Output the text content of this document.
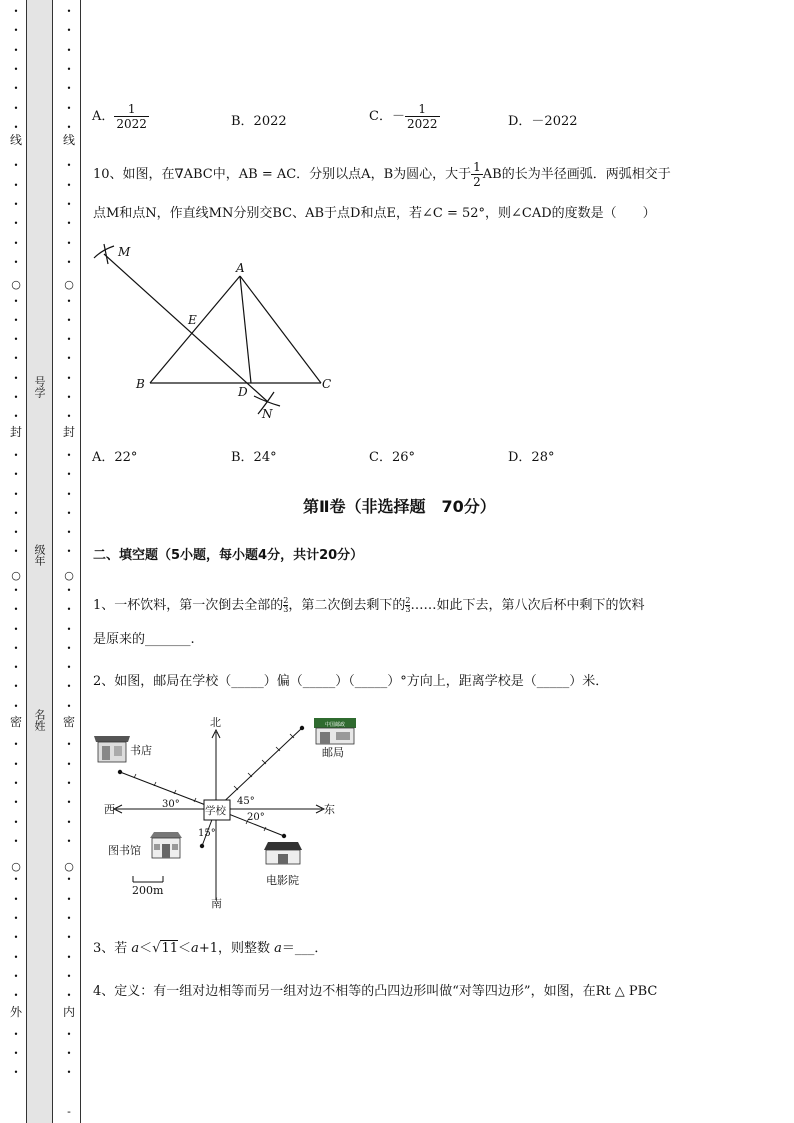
•
•
•
•
•
•
•
线
•
•
•
•
•
•
○
•
•
•
•
•
•
•
封
•
•
•
•
•
•
○
•
•
•
•
•
•
•
密
•
•
•
•
•
•
○
•
•
•
•
•
•
•
外
•
•
•
•
•
•
•
•
•
•
线
•
•
•
•
•
•
○
•
•
•
•
•
•
•
封
•
•
•
•
•
•
○
•
•
•
•
•
•
•
密
•
•
•
•
•
•
○
•
•
•
•
•
•
•
内
•
•
•
-
号学
级年
名姓
A． $\frac{1}{2022}$	B．2022	C．－ $\frac{1}{2022}$	D．－2022
10、如图，在∇ABC中，AB = AC．分别以点A，B为圆心，大于 $\frac{1}{2}$ AB的长为半径画弧．两弧相交于
点M和点N，作直线MN分别交BC、AB于点D和点E，若∠C = 52°，则∠CAD的度数是（　　）
M
A
E
B
D
C
N
A．22°	B．24°	C．26°	D．28°
第Ⅱ卷（非选择题　70分）
二、填空题（5小题，每小题4分，共计20分）
1、一杯饮料，第一次倒去全部的 $\frac{2}{3}$，第二次倒去剩下的 $\frac{2}{3}\dots\dots$如此下去，第八次后杯中剩下的饮料
是原来的_______.
2、如图，邮局在学校（_____）偏（_____）（_____）°方向上，距离学校是（_____）米．
中国邮政
北
南
西	东
学校
书店	邮局
图书馆
电影院
30°	45°
20°
15°
200m
3、若 a＜√11＜a+1，则整数 a＝___．
4、定义：有一组对边相等而另一组对边不相等的凸四边形叫做“对等四边形”，如图，在Rt △ PBC
